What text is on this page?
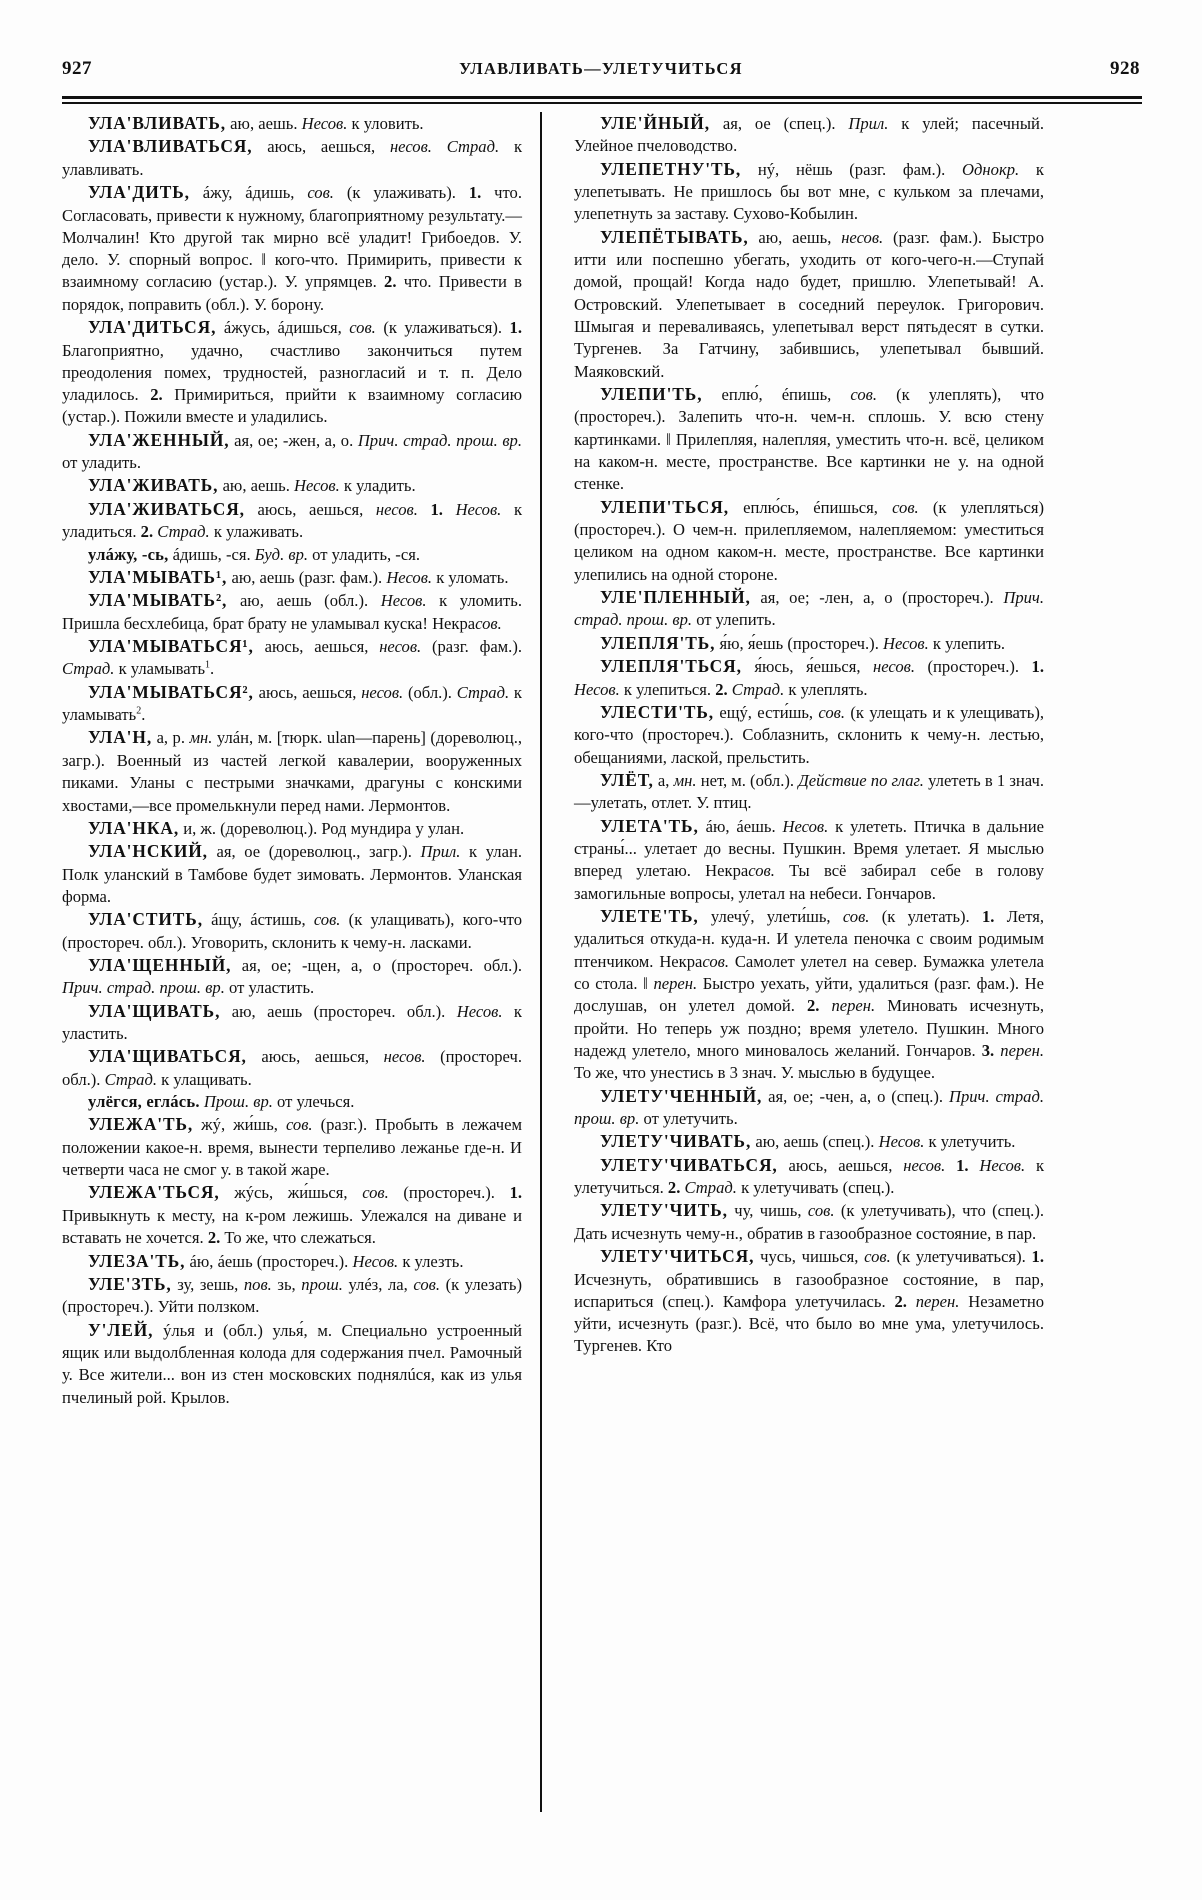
927	УЛАВЛИВАТЬ—УЛЕТУЧИТЬСЯ	928

УЛА'ВЛИВАТЬ, аю, аешь. Несов. к уловить.

УЛА'ВЛИВАТЬСЯ, аюсь, аешься, несов. Страд. к улавливать.

УЛА'ДИТЬ, áжу, áдишь, сов. (к улаживать). 1. что. Согласовать, привести к нужному, благоприятному результату.—Молчалин! Кто другой так мирно всё уладит! Грибоедов. У. дело. У. спорный вопрос. ‖ кого-что. Примирить, привести к взаимному согласию (устар.). У. упрямцев. 2. что. Привести в порядок, поправить (обл.). У. борону.

УЛА'ДИТЬСЯ, áжусь, áдишься, сов. (к улаживаться). 1. Благоприятно, удачно, счастливо закончиться путем преодоления помех, трудностей, разногласий и т. п. Дело уладилось. 2. Примириться, прийти к взаимному согласию (устар.). Пожили вместе и уладились.

УЛА'ЖЕННЫЙ, ая, ое; -жен, а, о. Прич. страд. прош. вр. от уладить.

УЛА'ЖИВАТЬ, аю, аешь. Несов. к уладить.

УЛА'ЖИВАТЬСЯ, аюсь, аешься, несов. 1. Несов. к уладиться. 2. Страд. к улаживать.

улáжу, -сь, áдишь, -ся. Буд. вр. от уладить, -ся.

УЛА'МЫВАТЬ¹, аю, аешь (разг. фам.). Несов. к уломать.

УЛА'МЫВАТЬ², аю, аешь (обл.). Несов. к уломить. Пришла бесхлебица, брат брату не уламывал куска! Некрасов.

УЛА'МЫВАТЬСЯ¹, аюсь, аешься, несов. (разг. фам.). Страд. к уламывать$^1$.

УЛА'МЫВАТЬСЯ², аюсь, аешься, несов. (обл.). Страд. к уламывать$^2$.

УЛА'Н, а, р. мн. улáн, м. [тюрк. ulan—парень] (дореволюц., загр.). Военный из частей легкой кавалерии, вооруженных пиками. Уланы с пестрыми значками, драгуны с конскими хвостами,—все промелькнули перед нами. Лермонтов.

УЛА'НКА, и, ж. (дореволюц.). Род мундира у улан.

УЛА'НСКИЙ, ая, ое (дореволюц., загр.). Прил. к улан. Полк уланский в Тамбове будет зимовать. Лермонтов. Уланская форма.

УЛА'СТИТЬ, áщу, áстишь, сов. (к улащивать), кого-что (простореч. обл.). Уговорить, склонить к чему-н. ласками.

УЛА'ЩЕННЫЙ, ая, ое; -щен, а, о (простореч. обл.). Прич. страд. прош. вр. от уластить.

УЛА'ЩИВАТЬ, аю, аешь (простореч. обл.). Несов. к уластить.

УЛА'ЩИВАТЬСЯ, аюсь, аешься, несов. (простореч. обл.). Страд. к улащивать.

улёгся, еглáсь. Прош. вр. от улечься.

УЛЕЖА'ТЬ, жý, жи́шь, сов. (разг.). Пробыть в лежачем положении какое-н. время, вынести терпеливо лежанье где-н. И четверти часа не смог у. в такой жаре.

УЛЕЖА'ТЬСЯ, жýсь, жи́шься, сов. (простореч.). 1. Привыкнуть к месту, на к-ром лежишь. Улежался на диване и вставать не хочется. 2. То же, что слежаться.

УЛЕЗА'ТЬ, áю, áешь (простореч.). Несов. к улезть.

УЛЕ'ЗТЬ, зу, зешь, пов. зь, прош. улéз, ла, сов. (к улезать) (простореч.). Уйти ползком.

У'ЛЕЙ, ýлья и (обл.) улья́, м. Специально устроенный ящик или выдолбленная колода для содержания пчел. Рамочный у. Все жители... вон из стен московских поднялúся, как из улья пчелиный рой. Крылов.

УЛЕ'ЙНЫЙ, ая, ое (спец.). Прил. к улей; пасечный. Улейное пчеловодство.

УЛЕПЕТНУ'ТЬ, нý, нёшь (разг. фам.). Однокр. к улепетывать. Не пришлось бы вот мне, с кульком за плечами, улепетнуть за заставу. Сухово-Кобылин.

УЛЕПЁТЫВАТЬ, аю, аешь, несов. (разг. фам.). Быстро итти или поспешно убегать, уходить от кого-чего-н.—Ступай домой, прощай! Когда надо будет, пришлю. Улепетывай! А. Островский. Улепетывает в соседний переулок. Григорович. Шмыгая и переваливаясь, улепетывал верст пятьдесят в сутки. Тургенев. За Гатчину, забившись, улепетывал бывший. Маяковский.

УЛЕПИ'ТЬ, еплю́, éпишь, сов. (к улеплять), что (простореч.). Залепить что-н. чем-н. сплошь. У. всю стену картинками. ‖ Прилепляя, налепляя, уместить что-н. всё, целиком на каком-н. месте, пространстве. Все картинки не у. на одной стенке.

УЛЕПИ'ТЬСЯ, еплю́сь, éпишься, сов. (к улепляться) (простореч.). О чем-н. прилепляемом, налепляемом: уместиться целиком на одном каком-н. месте, пространстве. Все картинки улепились на одной стороне.

УЛЕ'ПЛЕННЫЙ, ая, ое; -лен, а, о (простореч.). Прич. страд. прош. вр. от улепить.

УЛЕПЛЯ'ТЬ, я́ю, я́ешь (простореч.). Несов. к улепить.

УЛЕПЛЯ'ТЬСЯ, я́юсь, я́ешься, несов. (простореч.). 1. Несов. к улепиться. 2. Страд. к улеплять.

УЛЕСТИ'ТЬ, ещý, ести́шь, сов. (к улещать и к улещивать), кого-что (простореч.). Соблазнить, склонить к чему-н. лестью, обещаниями, лаской, прельстить.

УЛЁТ, а, мн. нет, м. (обл.). Действие по глаг. улететь в 1 знач.—улетать, отлет. У. птиц.

УЛЕТА'ТЬ, áю, áешь. Несов. к улететь. Птичка в дальние страны́... улетает до весны. Пушкин. Время улетает. Я мыслью вперед улетаю. Некрасов. Ты всё забирал себе в голову замогильные вопросы, улетал на небеси. Гончаров.

УЛЕТЕ'ТЬ, улечý, улети́шь, сов. (к улетать). 1. Летя, удалиться откуда-н. куда-н. И улетела пеночка с своим родимым птенчиком. Некрасов. Самолет улетел на север. Бумажка улетела со стола. ‖ перен. Быстро уехать, уйти, удалиться (разг. фам.). Не дослушав, он улетел домой. 2. перен. Миновать исчезнуть, пройти. Но теперь уж поздно; время улетело. Пушкин. Много надежд улетело, много миновалось желаний. Гончаров. 3. перен. То же, что унестись в 3 знач. У. мыслью в будущее.

УЛЕТУ'ЧЕННЫЙ, ая, ое; -чен, а, о (спец.). Прич. страд. прош. вр. от улетучить.

УЛЕТУ'ЧИВАТЬ, аю, аешь (спец.). Несов. к улетучить.

УЛЕТУ'ЧИВАТЬСЯ, аюсь, аешься, несов. 1. Несов. к улетучиться. 2. Страд. к улетучивать (спец.).

УЛЕТУ'ЧИТЬ, чу, чишь, сов. (к улетучивать), что (спец.). Дать исчезнуть чему-н., обратив в газообразное состояние, в пар.

УЛЕТУ'ЧИТЬСЯ, чусь, чишься, сов. (к улетучиваться). 1. Исчезнуть, обратившись в газообразное состояние, в пар, испариться (спец.). Камфора улетучилась. 2. перен. Незаметно уйти, исчезнуть (разг.). Всё, что было во мне ума, улетучилось. Тургенев. Кто
